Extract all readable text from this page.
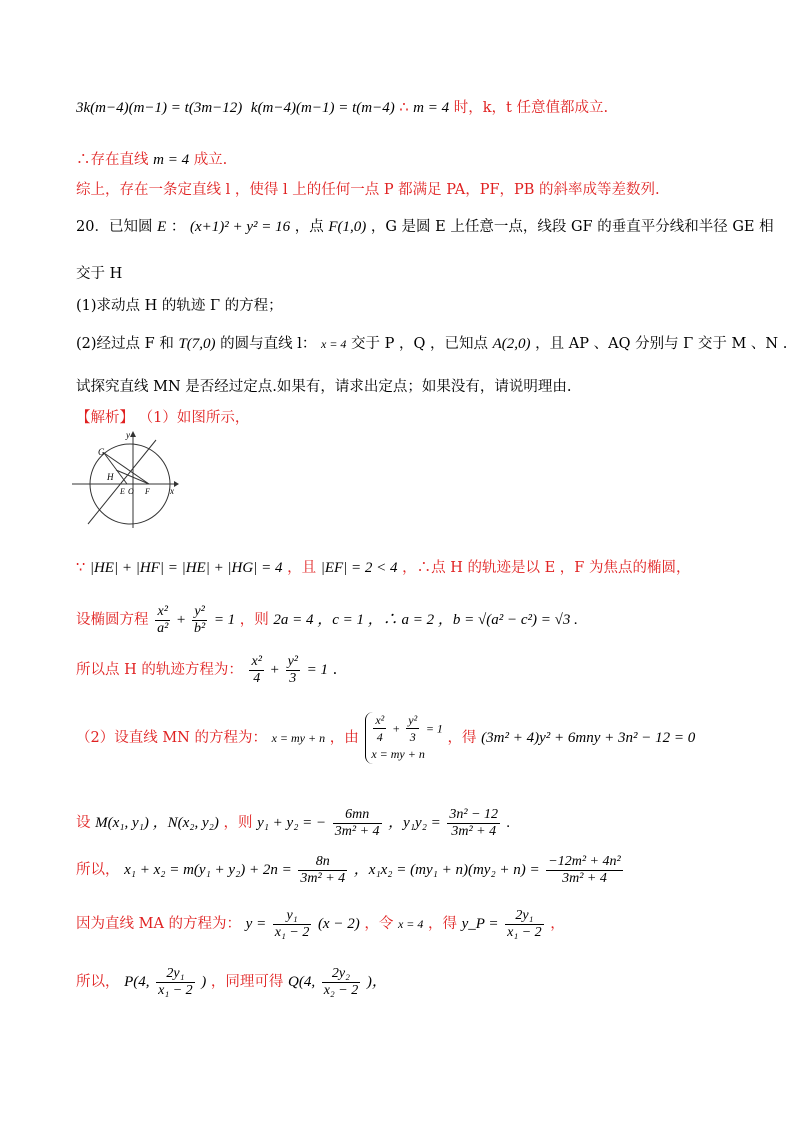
3k(m−4)(m−1) = t(3m−12) k(m−4)(m−1) = t(m−4) ∴ m = 4 时，k，t 任意值都成立.
∴存在直线 m = 4 成立.
综上，存在一条定直线 l ，使得 l 上的任何一点 P 都满足 PA，PF，PB 的斜率成等差数列.
20．已知圆 E ： (x+1)² + y² = 16 ，点 F(1,0) ，G 是圆 E 上任意一点，线段 GF 的垂直平分线和半径 GE 相
交于 H
(1)求动点 H 的轨迹 Γ 的方程；
(2)经过点 F 和 T(7,0) 的圆与直线 l： x = 4 交于 P ，Q ，已知点 A(2,0) ，且 AP 、AQ 分别与 Γ 交于 M 、N .
试探究直线 MN 是否经过定点.如果有，请求出定点；如果没有，请说明理由.
【解析】 （1）如图所示，
y
x
G
H
E O F
∵ |HE| + |HF| = |HE| + |HG| = 4 ，且 |EF| = 2 < 4 ，∴点 H 的轨迹是以 E ，F 为焦点的椭圆，
设椭圆方程 $\frac{\text{x²}}{\text{a²}} + \frac{\text{y²}}{\text{b²}} = 1$ ，则 2a = 4 ，c = 1 ，∴ a = 2 ，b = √(a² − c²) = √3 .
所以点 H 的轨迹方程为： $\frac{\text{x²}}{4} + \frac{\text{y²}}{3} = 1$ .
（2）设直线 MN 的方程为： x = my + n ，由 $\frac{\text{x²}}{4} + \frac{\text{y²}}{3} = 1$
x = my + n
，得 (3m² + 4)y² + 6mny + 3n² − 12 = 0
设 M(x₁, y₁) ，N(x₂, y₂) ，则 y₁ + y₂ = − $\frac{6mn}{\text{3m² + 4}}$ ，$y_1y_2 = \frac{\text{3n² − 12}}{\text{3m² + 4}}$ .
所以， $x_1 + x_2 = m(y_1 + y_2) + 2n = \frac{8n}{\text{3m² + 4}}$ ，$x_1x_2 = (my_1 + n)(my_2 + n) = \frac{\text{−12m² + 4n²}}{\text{3m² + 4}}$
因为直线 MA 的方程为： $y = \frac{\text{y₁}}{\text{x₁ − 2}} (x - 2)$ ，令 x = 4 ，得 y_P = $\frac{\text{2y₁}}{\text{x₁ − 2}}$ ，
所以， P(4, $\frac{\text{2y₁}}{\text{x₁ − 2}}$ ) ，同理可得 Q(4, $\frac{\text{2y₂}}{\text{x₂ − 2}}$ )，
